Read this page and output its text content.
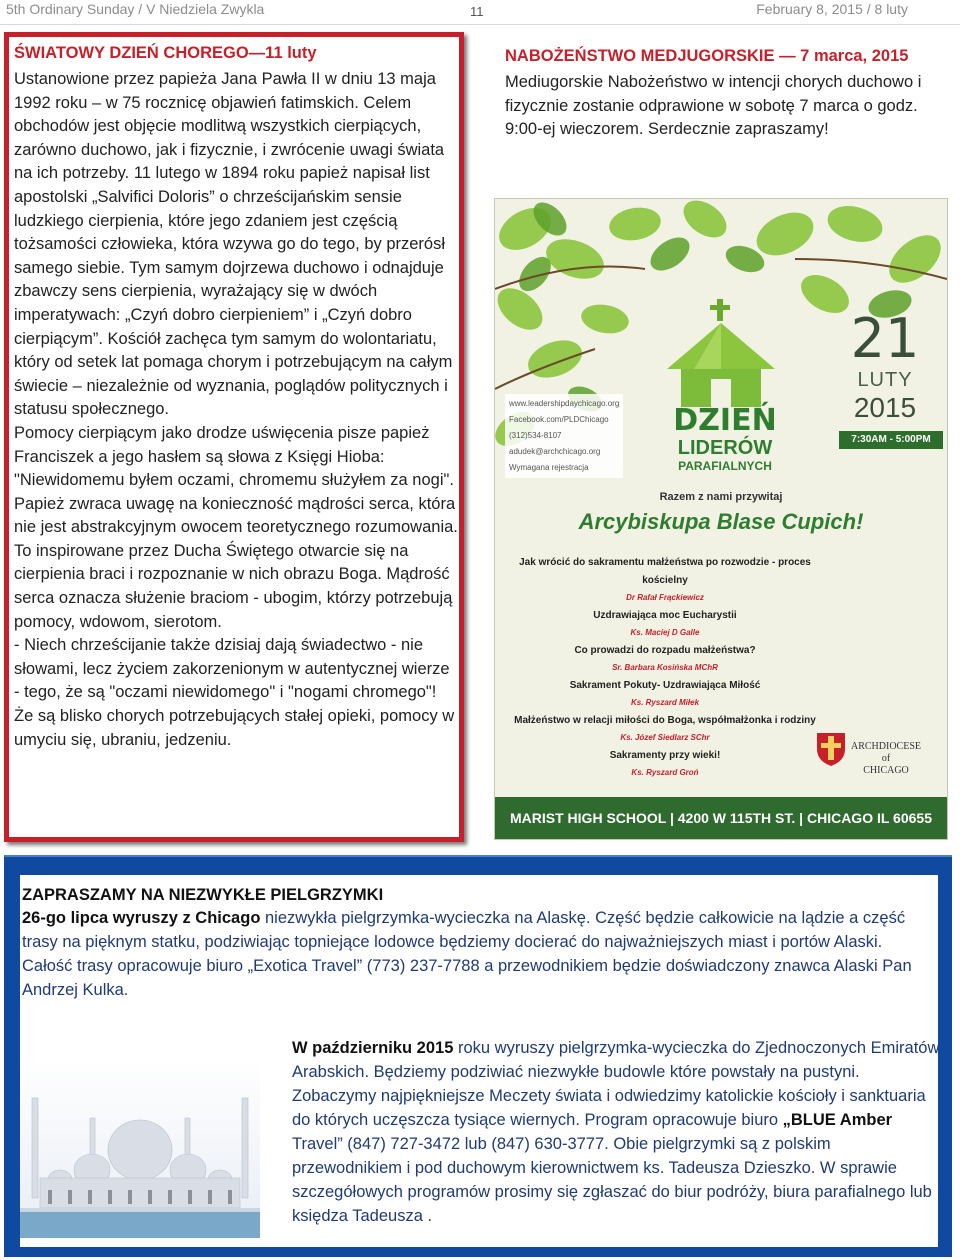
5th Ordinary Sunday / V Niedziela Zwykla	11	February 8, 2015 / 8 luty
ŚWIATOWY DZIEŃ CHOREGO—11 luty

Ustanowione przez papieża Jana Pawła II w dniu 13 maja 1992 roku – w 75 rocznicę objawień fatimskich. Celem obchodów jest objęcie modlitwą wszystkich cierpiących, zarówno duchowo, jak i fizycznie, i zwrócenie uwagi świata na ich potrzeby. 11 lutego w 1894 roku papież napisał list apostolski „Salvifici Doloris” o chrześcijańskim sensie ludzkiego cierpienia, które jego zdaniem jest częścią tożsamości człowieka, która wzywa go do tego, by przerósł samego siebie. Tym samym dojrzewa duchowo i odnajduje zbawczy sens cierpienia, wyrażający się w dwóch imperatywach: „Czyń dobro cierpieniem” i „Czyń dobro cierpiącym”. Kościół zachęca tym samym do wolontariatu, który od setek lat pomaga chorym i potrzebującym na całym świecie – niezależnie od wyznania, poglądów politycznych i statusu społecznego.

Pomocy cierpiącym jako drodze uświęcenia pisze papież Franciszek a jego hasłem są słowa z Księgi Hioba: "Niewidomemu byłem oczami, chromemu służyłem za nogi". Papież zwraca uwagę na konieczność mądrości serca, która nie jest abstrakcyjnym owocem teoretycznego rozumowania. To inspirowane przez Ducha Świętego otwarcie się na cierpienia braci i rozpoznanie w nich obrazu Boga. Mądrość serca oznacza służenie braciom - ubogim, którzy potrzebują pomocy, wdowom, sierotom.

- Niech chrześcijanie także dzisiaj dają świadectwo - nie słowami, lecz życiem zakorzenionym w autentycznej wierze - tego, że są "oczami niewidomego" i "nogami chromego"! Że są blisko chorych potrzebujących stałej opieki, pomocy w umyciu się, ubraniu, jedzeniu.

NABOŻEŃSTWO MEDJUGORSKIE — 7 marca, 2015
Mediugorskie Nabożeństwo w intencji chorych duchowo i fizycznie zostanie odprawione w sobotę 7 marca o godz. 9:00-ej wieczorem. Serdecznie zapraszamy!
DZIEŃ
LIDERÓW
PARAFIALNYCH
www.leadershipdaychicago.org
Facebook.com/PLDChicago
(312)534-8107
adudek@archchicago.org
Wymagana rejestracja
21
LUTY
2015
7:30AM - 5:00PM
Razem z nami przywitaj
Arcybiskupa Blase Cupich!
Jak wrócić do sakramentu małżeństwa po rozwodzie - proces kościelny
Dr Rafał Frąckiewicz
Uzdrawiająca moc Eucharystii
Ks. Maciej D Galle
Co prowadzi do rozpadu małżeństwa?
Sr. Barbara Kosińska MChR
Sakrament Pokuty- Uzdrawiająca Miłość
Ks. Ryszard Miłek
Małżeństwo w relacji miłości do Boga, współmałżonka i rodziny
Ks. Józef Siedlarz SChr
Sakramenty przy wieki!
Ks. Ryszard Groń
ARCHDIOCESE
of
CHICAGO
MARIST HIGH SCHOOL | 4200 W 115TH ST. | CHICAGO IL 60655
ZAPRASZAMY NA NIEZWYKŁE PIELGRZYMKI
26-go lipca wyruszy z Chicago niezwykła pielgrzymka-wycieczka na Alaskę. Część będzie całkowicie na lądzie a część trasy na pięknym statku, podziwiając topniejące lodowce będziemy docierać do najważniejszych miast i portów Alaski. Całość trasy opracowuje biuro „Exotica Travel” (773) 237-7788 a przewodnikiem będzie doświadczony znawca Alaski Pan Andrzej Kulka.
W październiku 2015 roku wyruszy pielgrzymka-wycieczka do Zjednoczonych Emiratów Arabskich. Będziemy podziwiać niezwykłe budowle które powstały na pustyni. Zobaczymy najpiękniejsze Meczety świata i odwiedzimy katolickie kościoły i sanktuaria do których uczęszcza tysiące wiernych. Program opracowuje biuro „BLUE Amber Travel” (847) 727-3472 lub (847) 630-3777. Obie pielgrzymki są z polskim przewodnikiem i pod duchowym kierownictwem ks. Tadeusza Dzieszko. W sprawie szczegółowych programów prosimy się zgłaszać do biur podróży, biura parafialnego lub księdza Tadeusza .
